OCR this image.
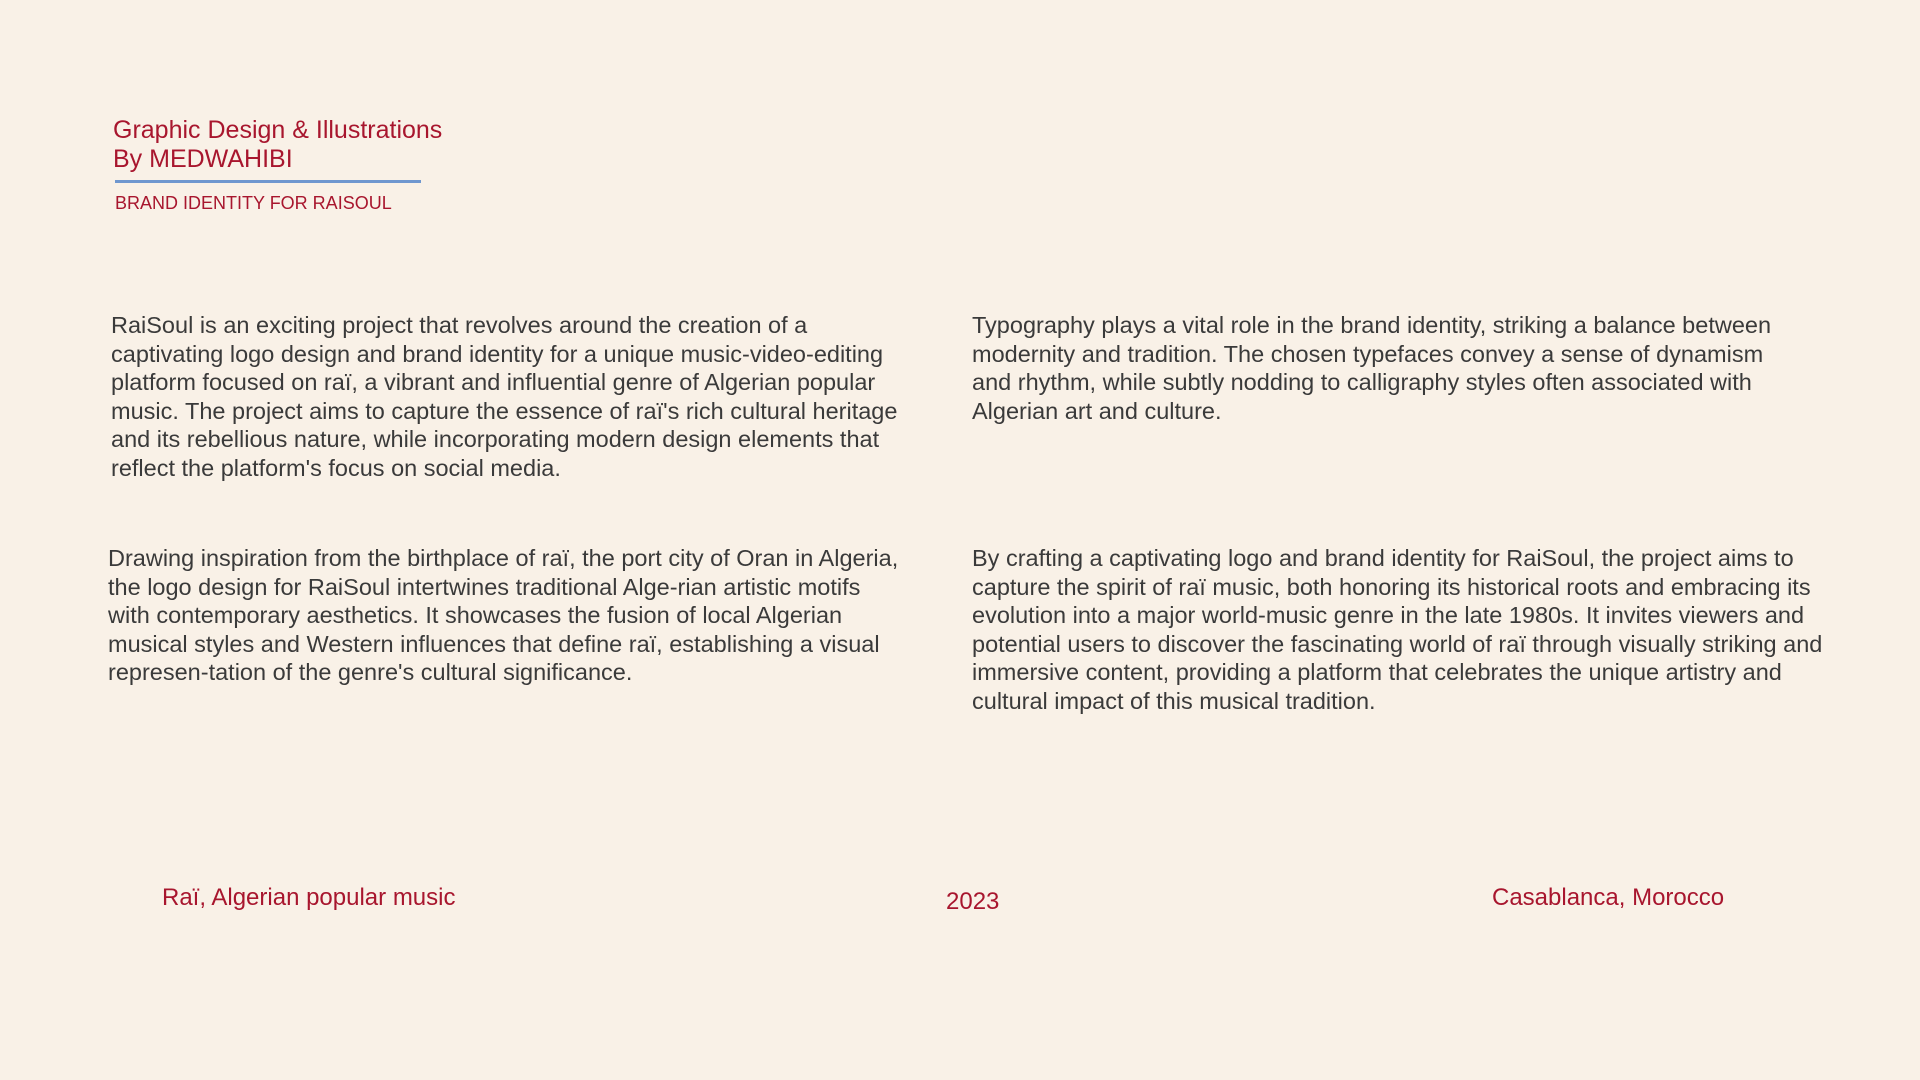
Graphic Design & Illustrations
By MEDWAHIBI

BRAND IDENTITY FOR RAISOUL

RaiSoul is an exciting project that revolves around the creation of a captivating logo design and brand identity for a unique music-video-editing platform focused on raï, a vibrant and influential genre of Algerian popular music. The project aims to capture the essence of raï's rich cultural heritage and its rebellious nature, while incorporating modern design elements that reflect the platform's focus on social media.

Drawing inspiration from the birthplace of raï, the port city of Oran in Algeria, the logo design for RaiSoul intertwines traditional Alge-rian artistic motifs with contemporary aesthetics. It showcases the fusion of local Algerian musical styles and Western influences that define raï, establishing a visual represen-tation of the genre's cultural significance.

Typography plays a vital role in the brand identity, striking a balance between modernity and tradition. The chosen typefaces convey a sense of dynamism and rhythm, while subtly nodding to calligraphy styles often associated with Algerian art and culture.

By crafting a captivating logo and brand identity for RaiSoul, the project aims to capture the spirit of raï music, both honoring its historical roots and embracing its evolution into a major world-music genre in the late 1980s. It invites viewers and potential users to discover the fascinating world of raï through visually striking and immersive content, providing a platform that celebrates the unique artistry and cultural impact of this musical tradition.

Raï, Algerian popular music	2023	Casablanca, Morocco
